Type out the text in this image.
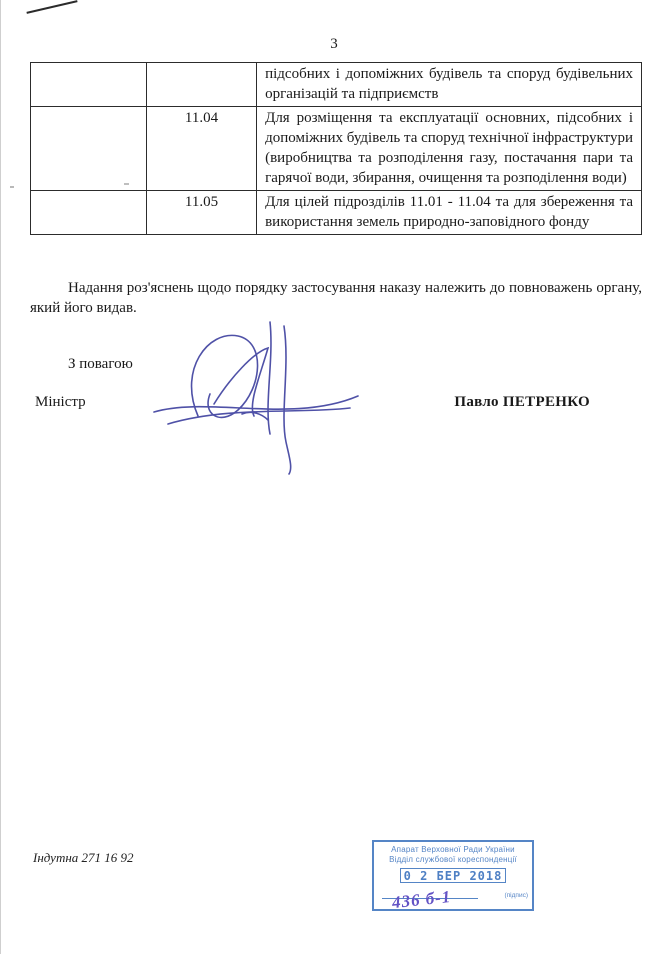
3
		підсобних і допоміжних будівель та споруд будівельних організацій та підприємств
	11.04	Для розміщення та експлуатації основних, підсобних і допоміжних будівель та споруд технічної інфраструктури (виробництва та розподілення газу, постачання пари та гарячої води, збирання, очищення та розподілення води)
	11.05	Для цілей підрозділів 11.01 - 11.04 та для збереження та використання земель природно-заповідного фонду

Надання роз'яснень щодо порядку застосування наказу належить до повноважень органу, який його видав.

З повагою

Міністр	Павло ПЕТРЕНКО
Індутна 271 16 92
Апарат Верховної Ради України
Відділ службової кореспонденції
0 2 БЕР 2018
436 б-1	(підпис)
